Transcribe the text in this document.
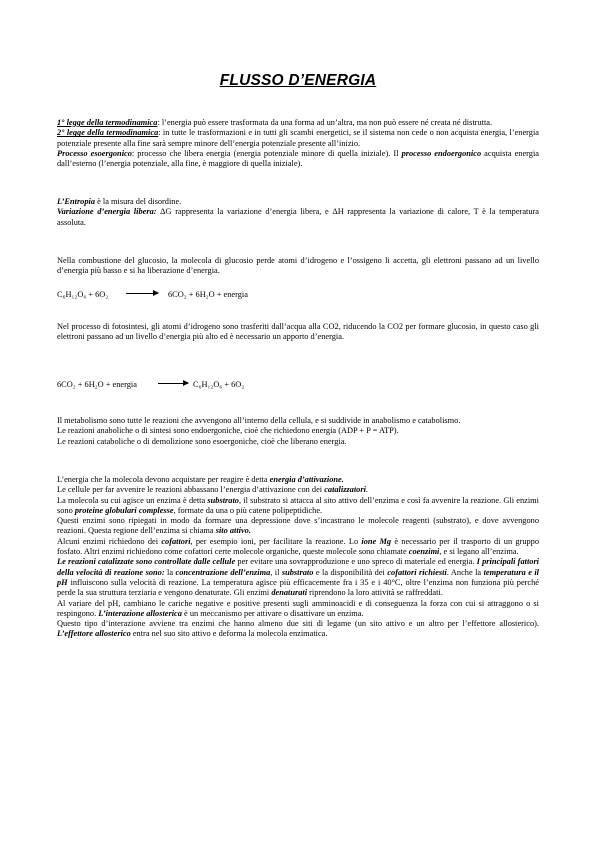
FLUSSO D’ENERGIA

1° legge della termodinamica: l’energia può essere trasformata da una forma ad un’altra, ma non può essere né creata né distrutta.

2° legge della termodinamica: in tutte le trasformazioni e in tutti gli scambi energetici, se il sistema non cede o non acquista energia, l’energia potenziale presente alla fine sarà sempre minore dell’energia potenziale presente all’inizio.

Processo esoergonico: processo che libera energia (energia potenziale minore di quella iniziale). Il processo endoergonico acquista energia dall’esterno (l’energia potenziale, alla fine, è maggiore di quella iniziale).

L’Entropia è la misura del disordine.

Variazione d’energia libera: ΔG rappresenta la variazione d’energia libera, e ΔH rappresenta la variazione di calore, T è la temperatura assoluta.

Nella combustione del glucosio, la molecola di glucosio perde atomi d’idrogeno e l’ossigeno li accetta, gli elettroni passano ad un livello d’energia più basso e si ha liberazione d’energia.

C₆H₁₂O₆ + 6O₂ → 6CO₂ + 6H₂O + energia

Nel processo di fotosintesi, gli atomi d’idrogeno sono trasferiti dall’acqua alla CO2, riducendo la CO2 per formare glucosio, in questo caso gli elettroni passano ad un livello d’energia più alto ed è necessario un apporto d’energia.

6CO₂ + 6H₂O + energia → C₆H₁₂O₆ + 6O₂

Il metabolismo sono tutte le reazioni che avvengono all’interno della cellula, e si suddivide in anabolismo e catabolismo.

Le reazioni anaboliche o di sintesi sono endoergoniche, cioè che richiedono energia (ADP + P = ATP).

Le reazioni cataboliche o di demolizione sono esoergoniche, cioè che liberano energia.

L’energia che la molecola devono acquistare per reagire è detta energia d’attivazione.

Le cellule per far avvenire le reazioni abbassano l’energia d’attivazione con dei catalizzatori.

La molecola su cui agisce un enzima è detta substrato, il substrato si attacca al sito attivo dell’enzima e così fa avvenire la reazione. Gli enzimi sono proteine globulari complesse, formate da una o più catene polipeptidiche.

Questi enzimi sono ripiegati in modo da formare una depressione dove s’incastrano le molecole reagenti (substrato), e dove avvengono reazioni. Questa regione dell’enzima si chiama sito attivo.

Alcuni enzimi richiedono dei cofattori, per esempio ioni, per facilitare la reazione. Lo ione Mg è necessario per il trasporto di un gruppo fosfato. Altri enzimi richiedono come cofattori certe molecole organiche, queste molecole sono chiamate coenzimi, e si legano all’enzima.

Le reazioni catalizzate sono controllate dalle cellule per evitare una sovrapproduzione e uno spreco di materiale ed energia. I principali fattori della velocità di reazione sono: la concentrazione dell’enzima, il substrato e la disponibilità dei cofattori richiesti. Anche la temperatura e il pH influiscono sulla velocità di reazione. La temperatura agisce più efficacemente fra i 35 e i 40°C, oltre l’enzima non funziona più perché perde la sua struttura terziaria e vengono denaturate. Gli enzimi denaturati riprendono la loro attività se raffreddati.

Al variare del pH, cambiano le cariche negative e positive presenti sugli amminoacidi e di conseguenza la forza con cui si attraggono o si respingono. L’interazione allosterica è un meccanismo per attivare o disattivare un enzima.

Questo tipo d’interazione avviene tra enzimi che hanno almeno due siti di legame (un sito attivo e un altro per l’effettore allosterico). L’effettore allosterico entra nel suo sito attivo e deforma la molecola enzimatica.
